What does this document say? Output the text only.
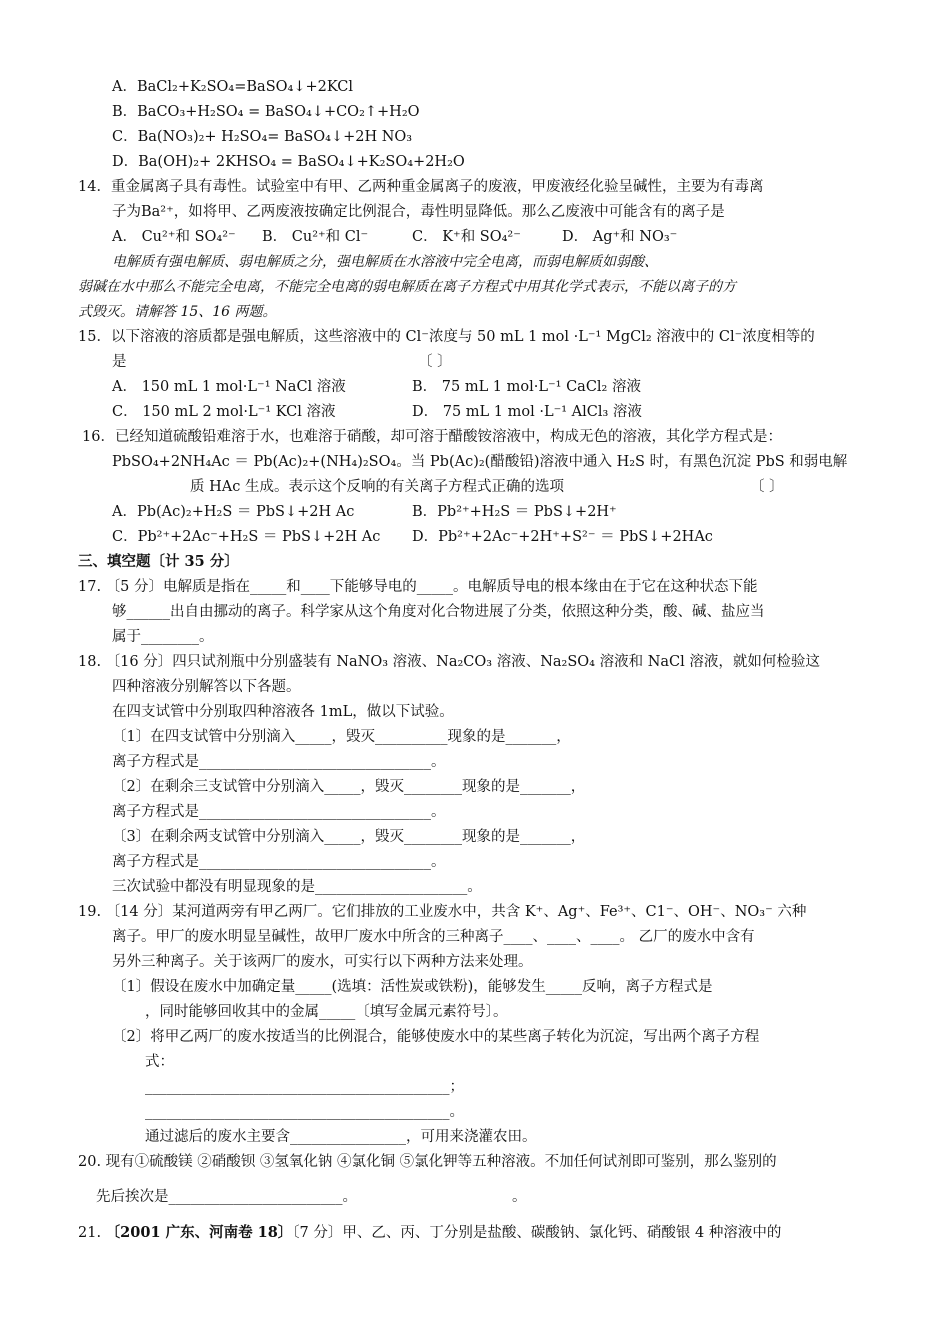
A．BaCl₂+K₂SO₄=BaSO₄↓+2KCl
B．BaCO₃+H₂SO₄ = BaSO₄↓+CO₂↑+H₂O
C．Ba(NO₃)₂+ H₂SO₄= BaSO₄↓+2H NO₃
D．Ba(OH)₂+ 2KHSO₄ = BaSO₄↓+K₂SO₄+2H₂O
14．重金属离子具有毒性。试验室中有甲、乙两种重金属离子的废液，甲废液经化验呈碱性，主要为有毒离
子为Ba²⁺，如将甲、乙两废液按确定比例混合，毒性明显降低。那么乙废液中可能含有的离子是
A． Cu²⁺和 SO₄²⁻ B． Cu²⁺和 Cl⁻	C． K⁺和 SO₄²⁻	D． Ag⁺和 NO₃⁻
电解质有强电解质、弱电解质之分，强电解质在水溶液中完全电离，而弱电解质如弱酸、
弱碱在水中那么不能完全电离，不能完全电离的弱电解质在离子方程式中用其化学式表示，不能以离子的方
式毁灭。请解答 15、16 两题。
15．以下溶液的溶质都是强电解质，这些溶液中的 Cl⁻浓度与 50 mL 1 mol ·L⁻¹ MgCl₂ 溶液中的 Cl⁻浓度相等的
是	〔 〕
A． 150 mL 1 mol·L⁻¹ NaCl 溶液	B． 75 mL 1 mol·L⁻¹ CaCl₂ 溶液
C． 150 mL 2 mol·L⁻¹ KCl 溶液	D． 75 mL 1 mol ·L⁻¹ AlCl₃ 溶液
16．已经知道硫酸铅难溶于水，也难溶于硝酸，却可溶于醋酸铵溶液中，构成无色的溶液，其化学方程式是：
PbSO₄+2NH₄Ac ＝ Pb(Ac)₂+(NH₄)₂SO₄。当 Pb(Ac)₂(醋酸铅)溶液中通入 H₂S 时，有黑色沉淀 PbS 和弱电解
质 HAc 生成。表示这个反响的有关离子方程式正确的选项	〔 〕
A．Pb(Ac)₂+H₂S ＝ PbS↓+2H Ac	B．Pb²⁺+H₂S ＝ PbS↓+2H⁺
C．Pb²⁺+2Ac⁻+H₂S ＝ PbS↓+2H Ac D．Pb²⁺+2Ac⁻+2H⁺+S²⁻ ＝ PbS↓+2HAc
三、填空题〔计 35 分〕
17. 〔5 分〕电解质是指在_____和____下能够导电的_____。电解质导电的根本缘由在于它在这种状态下能
够______出自由挪动的离子。科学家从这个角度对化合物进展了分类，依照这种分类，酸、碱、盐应当
属于________。
18. 〔16 分〕四只试剂瓶中分别盛装有 NaNO₃ 溶液、Na₂CO₃ 溶液、Na₂SO₄ 溶液和 NaCl 溶液，就如何检验这
四种溶液分别解答以下各题。
在四支试管中分别取四种溶液各 1mL，做以下试验。
〔1〕在四支试管中分别滴入_____，毁灭__________现象的是_______，
离子方程式是________________________________。
〔2〕在剩余三支试管中分别滴入_____，毁灭________现象的是_______，
离子方程式是________________________________。
〔3〕在剩余两支试管中分别滴入_____，毁灭________现象的是_______，
离子方程式是________________________________。
三次试验中都没有明显现象的是_____________________。
19. 〔14 分〕某河道两旁有甲乙两厂。它们排放的工业废水中，共含 K⁺、Ag⁺、Fe³⁺、C1⁻、OH⁻、NO₃⁻ 六种
离子。甲厂的废水明显呈碱性，故甲厂废水中所含的三种离子____、____、____。 乙厂的废水中含有
另外三种离子。关于该两厂的废水，可实行以下两种方法来处理。
〔1〕假设在废水中加确定量_____(选填：活性炭或铁粉)，能够发生_____反响，离子方程式是
，同时能够回收其中的金属_____〔填写金属元素符号〕。
〔2〕将甲乙两厂的废水按适当的比例混合，能够使废水中的某些离子转化为沉淀，写出两个离子方程
式：
__________________________________________；
__________________________________________。
通过滤后的废水主要含________________，可用来浇灌农田。
20. 现有①硫酸镁 ②硝酸钡 ③氢氧化钠 ④氯化铜 ⑤氯化钾等五种溶液。不加任何试剂即可鉴别，那么鉴别的
先后挨次是________________________。	。
21. 〔2001 广东、河南卷 18〕〔7 分〕甲、乙、丙、丁分别是盐酸、碳酸钠、氯化钙、硝酸银 4 种溶液中的
